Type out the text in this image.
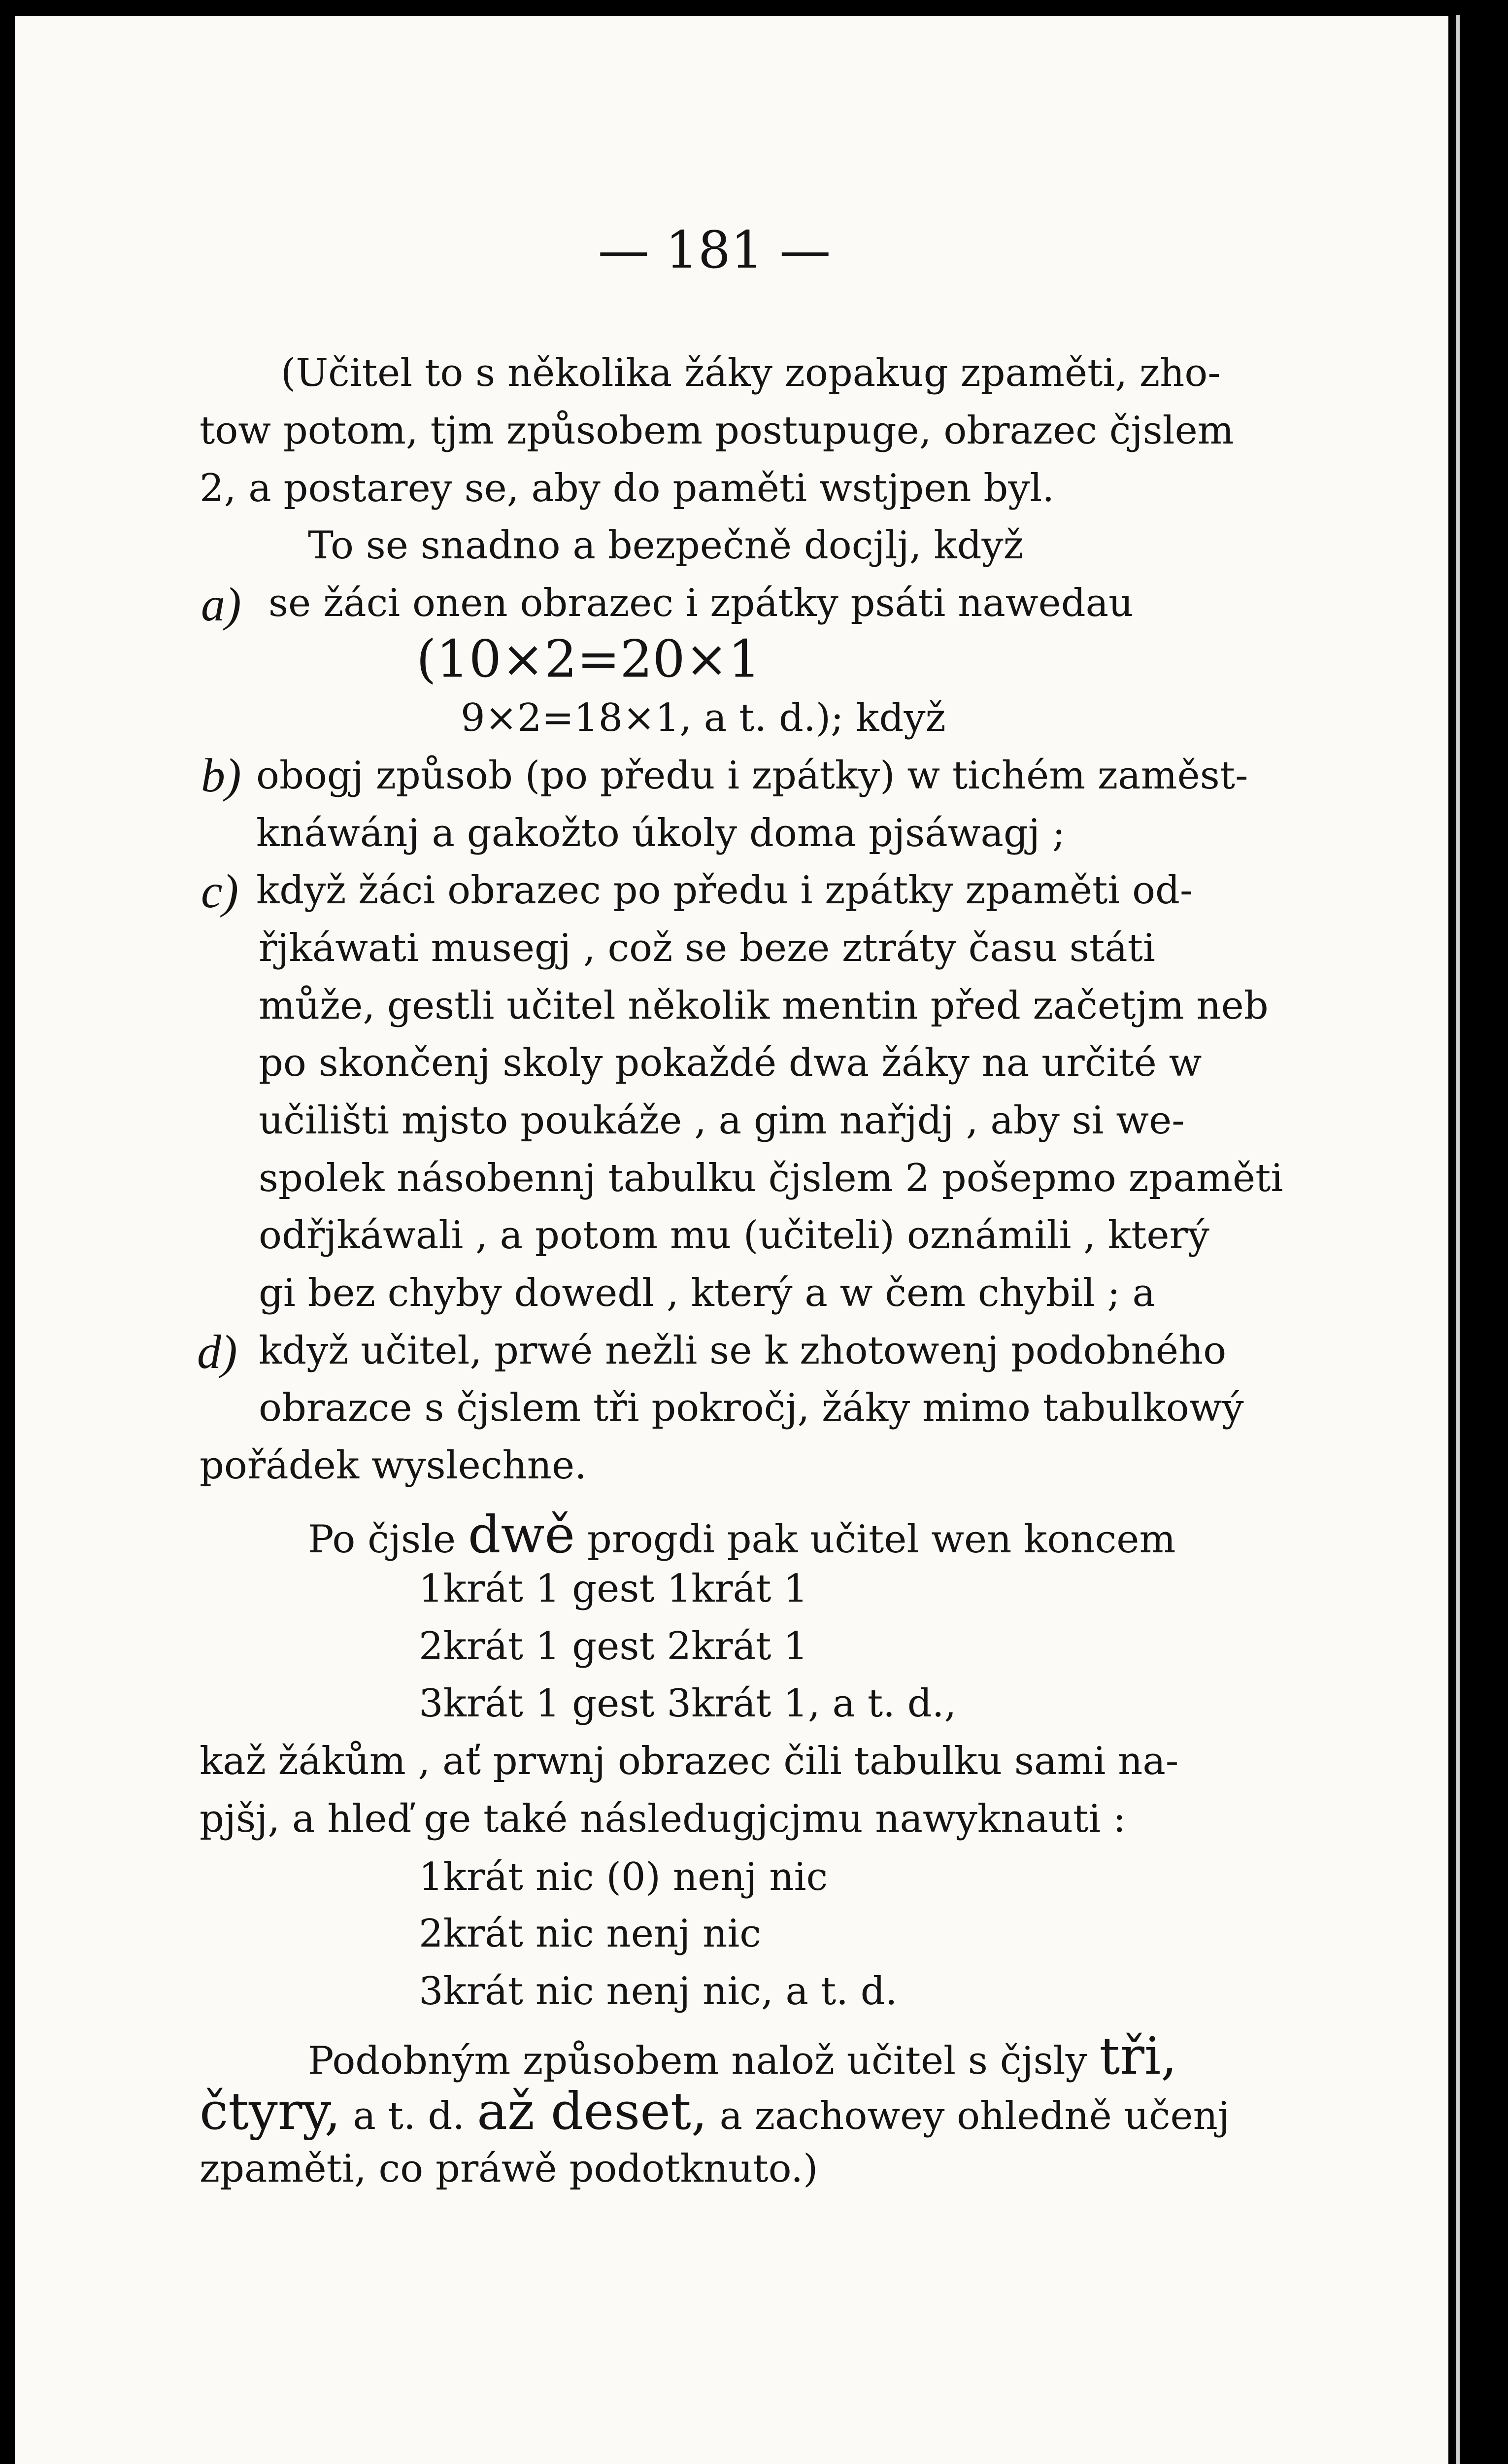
— 181 —
(Učitel to s několika žáky zopakug zpaměti, zho-
tow potom, tjm způsobem postupuge, obrazec čjslem
2, a postarey se, aby do paměti wstjpen byl.
To se snadno a bezpečně docjlj, když
a) se žáci onen obrazec i zpátky psáti nawedau
(10×2=20×1
9×2=18×1, a t. d.); když
b) obogj způsob (po předu i zpátky) w tichém zaměst-
knáwánj a gakožto úkoly doma pjsáwagj ;
c) když žáci obrazec po předu i zpátky zpaměti od-
řjkáwati musegj , což se beze ztráty času státi
může, gestli učitel několik mentin před začetjm neb
po skončenj skoly pokaždé dwa žáky na určité w
učilišti mjsto poukáže , a gim nařjdj , aby si we-
spolek násobennj tabulku čjslem 2 pošepmo zpaměti
odřjkáwali , a potom mu (učiteli) oznámili , který
gi bez chyby dowedl , který a w čem chybil ; a
d) když učitel, prwé nežli se k zhotowenj podobného
obrazce s čjslem tři pokročj, žáky mimo tabulkowý
pořádek wyslechne.
Po čjsle dwě progdi pak učitel wen koncem
1krát 1 gest 1krát 1
2krát 1 gest 2krát 1
3krát 1 gest 3krát 1, a t. d.,
kaž žákům , ať prwnj obrazec čili tabulku sami na-
pjšj, a hleď ge také následugjcjmu nawyknauti :
1krát nic (0) nenj nic
2krát nic nenj nic
3krát nic nenj nic, a t. d.
Podobným způsobem nalož učitel s čjsly tři,
čtyry, a t. d. až deset, a zachowey ohledně učenj
zpaměti, co práwě podotknuto.)
